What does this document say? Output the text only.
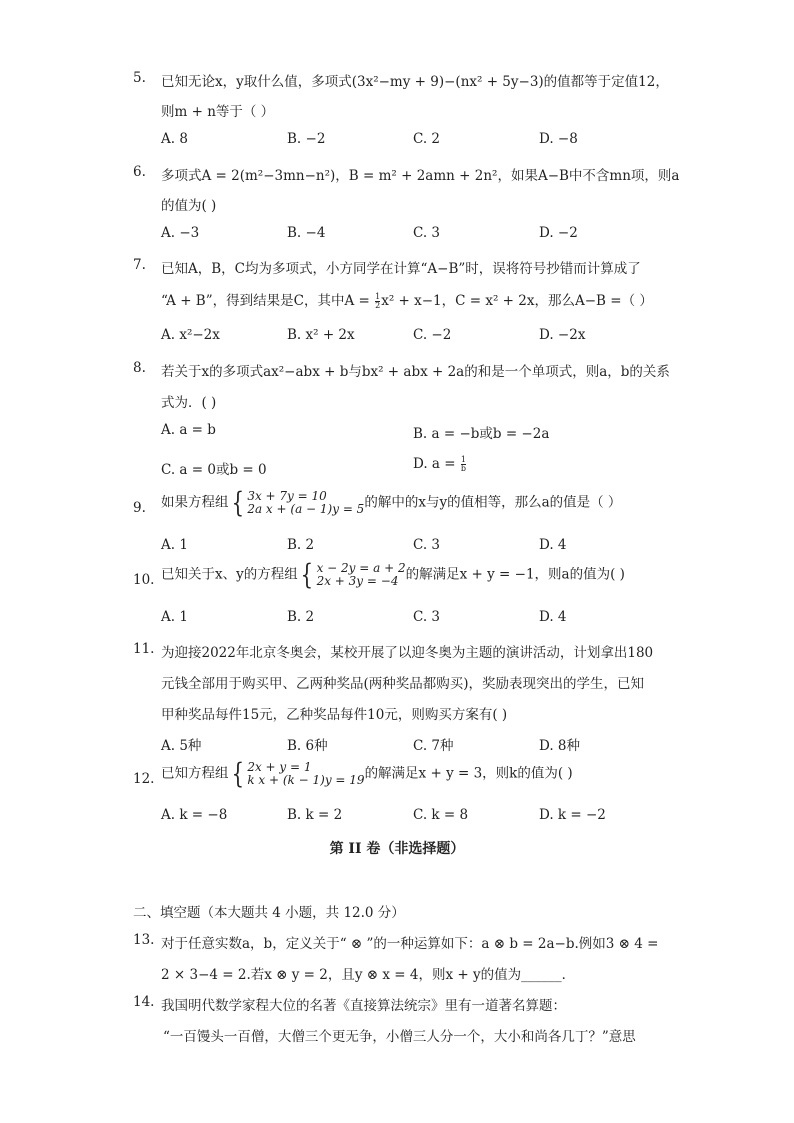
5. 已知无论x，y取什么值，多项式(3x²−my + 9)−(nx² + 5y−3)的值都等于定值12，
则m + n等于（ ）
A. 8	B. −2	C. 2	D. −8
6. 多项式A = 2(m²−3mn−n²)，B = m² + 2amn + 2n²，如果A−B中不含mn项，则a
的值为( )
A. −3	B. −4	C. 3	D. −2
7. 已知A，B，C均为多项式，小方同学在计算“A−B”时，误将符号抄错而计算成了
“A + B”，得到结果是C，其中$A = \frac{1}{2} x^2 + x-1$，C = x² + 2x，那么A−B =（ ）
A. x²−2x	B. x² + 2x	C. −2	D. −2x
8. 若关于x的多项式ax²−abx + b与bx² + abx + 2a的和是一个单项式，则a，b的关系
式为．( )
A. a = b	B. a = −b或b = −2a
C. a = 0或b = 0	D. $a = \frac{1}{b}$
9. 如果方程组 { 3x + 7y = 10
2a x + (a − 1)y = 5 的解中的x与y的值相等，那么a的值是（ ）
A. 1	B. 2	C. 3	D. 4
10. 已知关于x、y的方程组 { x − 2y = a + 2
2x + 3y = −4 的解满足x + y = −1，则a的值为( )
A. 1	B. 2	C. 3	D. 4
11. 为迎接2022年北京冬奥会，某校开展了以迎冬奥为主题的演讲活动，计划拿出180
元钱全部用于购买甲、乙两种奖品(两种奖品都购买)，奖励表现突出的学生，已知
甲种奖品每件15元，乙种奖品每件10元，则购买方案有( )
A. 5种	B. 6种	C. 7种	D. 8种
12. 已知方程组 { 2x + y = 1
k x + (k − 1)y = 19 的解满足x + y = 3，则k的值为( )
A. k = −8	B. k = 2	C. k = 8	D. k = −2
第 II 卷（非选择题）
二、填空题（本大题共 4 小题，共 12.0 分）
13. 对于任意实数a，b，定义关于“ ⊗ ”的一种运算如下：a ⊗ b = 2a−b.例如3 ⊗ 4 =
2 × 3−4 = 2.若x ⊗ y = 2，且y ⊗ x = 4，则x + y的值为______．
14. 我国明代数学家程大位的名著《直接算法统宗》里有一道著名算题：
“一百馒头一百僧，大僧三个更无争，小僧三人分一个，大小和尚各几丁？”意思
